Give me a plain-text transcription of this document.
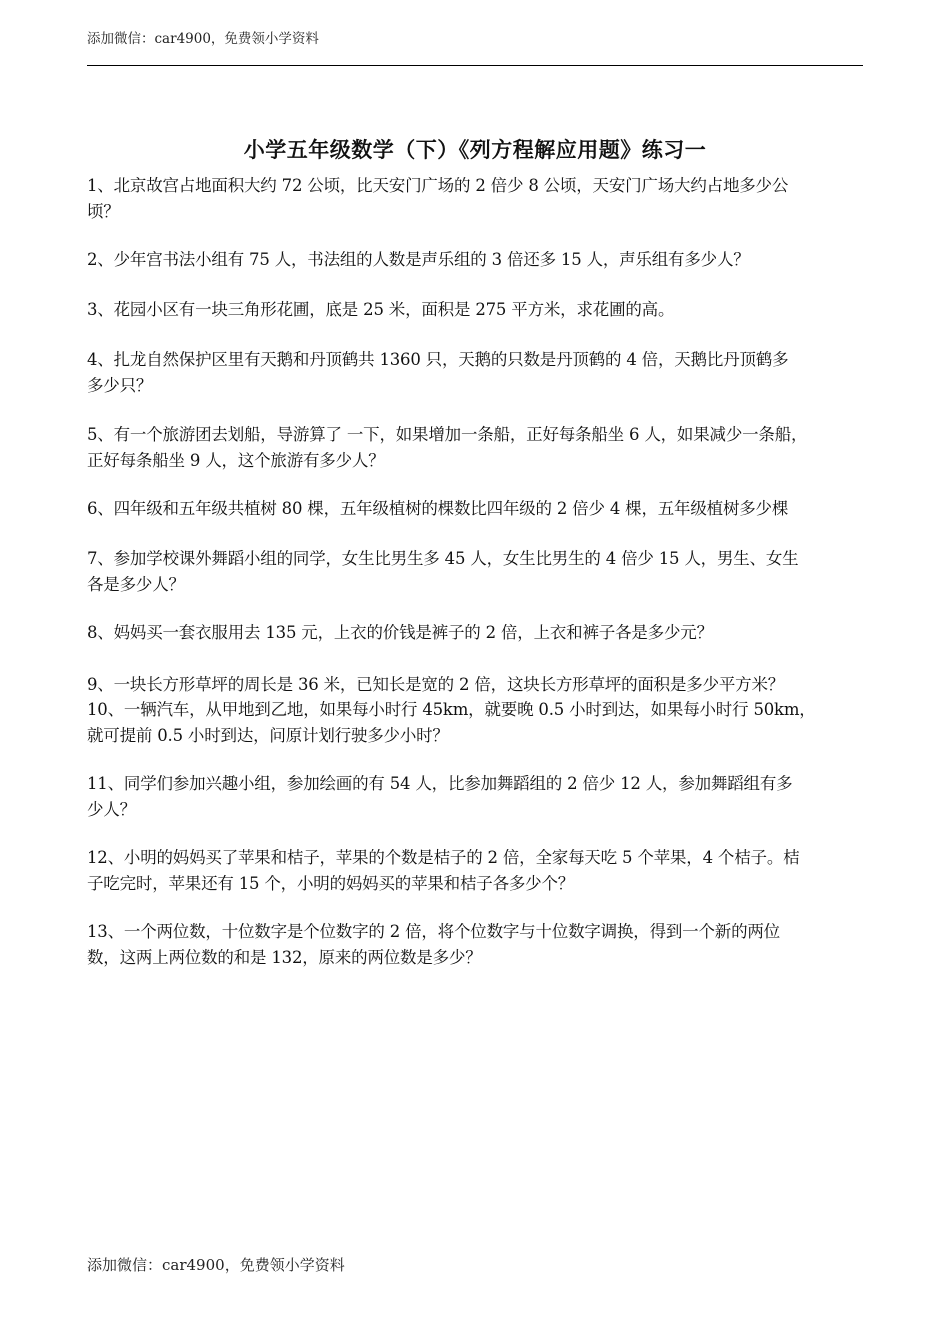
添加微信：car4900，免费领小学资料
小学五年级数学（下）《列方程解应用题》练习一
1、北京故宫占地面积大约 72 公顷，比天安门广场的 2 倍少 8 公顷，天安门广场大约占地多少公
顷？
2、少年宫书法小组有 75 人，书法组的人数是声乐组的 3 倍还多 15 人，声乐组有多少人？
3、花园小区有一块三角形花圃，底是 25 米，面积是 275 平方米，求花圃的高。
4、扎龙自然保护区里有天鹅和丹顶鹤共 1360 只，天鹅的只数是丹顶鹤的 4 倍，天鹅比丹顶鹤多
多少只？
5、有一个旅游团去划船，导游算了 一下，如果增加一条船，正好每条船坐 6 人，如果减少一条船，
正好每条船坐 9 人，这个旅游有多少人？
6、四年级和五年级共植树 80 棵，五年级植树的棵数比四年级的 2 倍少 4 棵，五年级植树多少棵
7、参加学校课外舞蹈小组的同学，女生比男生多 45 人，女生比男生的 4 倍少 15 人，男生、女生
各是多少人？
8、妈妈买一套衣服用去 135 元，上衣的价钱是裤子的 2 倍，上衣和裤子各是多少元？
9、一块长方形草坪的周长是 36 米，已知长是宽的 2 倍，这块长方形草坪的面积是多少平方米？
10、一辆汽车，从甲地到乙地，如果每小时行 45km，就要晚 0.5 小时到达，如果每小时行 50km，
就可提前 0.5 小时到达，问原计划行驶多少小时？
11、同学们参加兴趣小组，参加绘画的有 54 人，比参加舞蹈组的 2 倍少 12 人，参加舞蹈组有多
少人？
12、小明的妈妈买了苹果和桔子，苹果的个数是桔子的 2 倍，全家每天吃 5 个苹果，4 个桔子。桔
子吃完时，苹果还有 15 个，小明的妈妈买的苹果和桔子各多少个？
13、一个两位数，十位数字是个位数字的 2 倍，将个位数字与十位数字调换，得到一个新的两位
数，这两上两位数的和是 132，原来的两位数是多少？
添加微信：car4900，免费领小学资料
